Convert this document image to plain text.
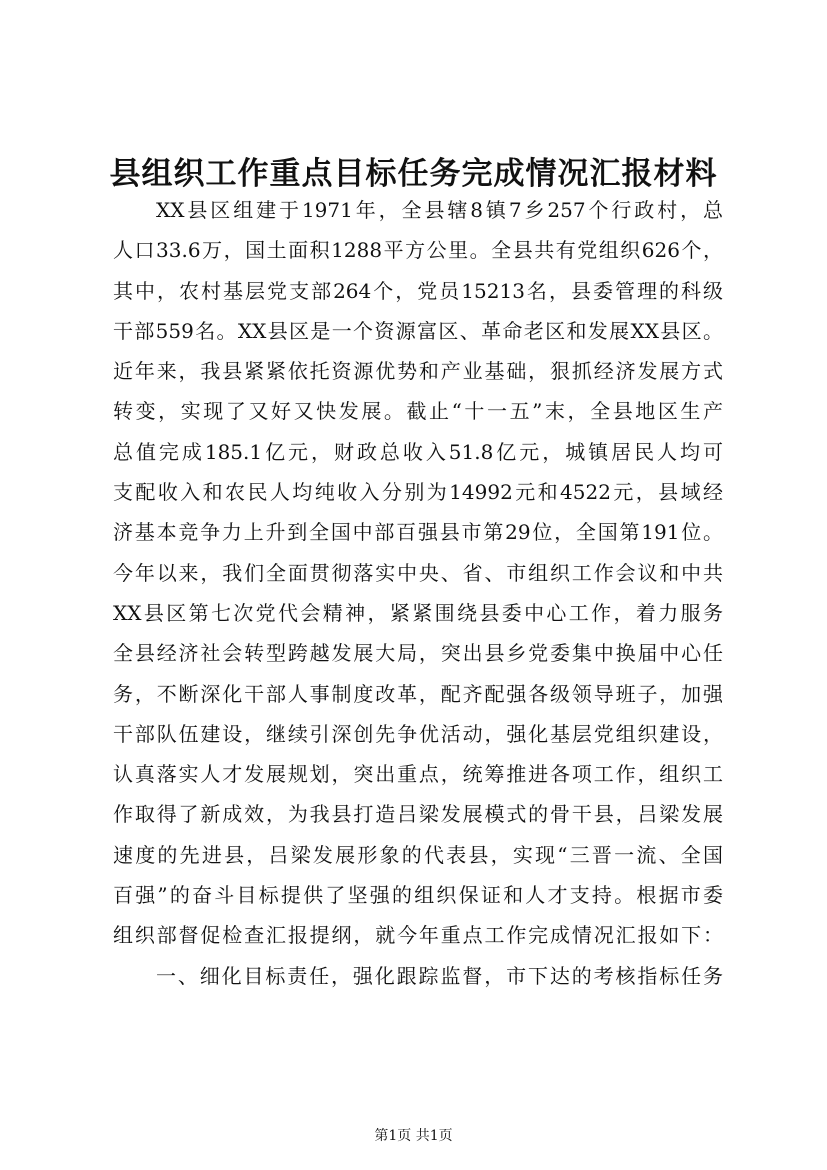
县组织工作重点目标任务完成情况汇报材料
XX县区组建于1971年，全县辖8镇7乡257个行政村，总
人口33.6万，国土面积1288平方公里。全县共有党组织626个，
其中，农村基层党支部264个，党员15213名，县委管理的科级
干部559名。XX县区是一个资源富区、革命老区和发展XX县区。
近年来，我县紧紧依托资源优势和产业基础，狠抓经济发展方式
转变，实现了又好又快发展。截止“十一五”末，全县地区生产
总值完成185.1亿元，财政总收入51.8亿元，城镇居民人均可
支配收入和农民人均纯收入分别为14992元和4522元，县域经
济基本竞争力上升到全国中部百强县市第29位，全国第191位。
今年以来，我们全面贯彻落实中央、省、市组织工作会议和中共
XX县区第七次党代会精神，紧紧围绕县委中心工作，着力服务
全县经济社会转型跨越发展大局，突出县乡党委集中换届中心任
务，不断深化干部人事制度改革，配齐配强各级领导班子，加强
干部队伍建设，继续引深创先争优活动，强化基层党组织建设，
认真落实人才发展规划，突出重点，统筹推进各项工作，组织工
作取得了新成效，为我县打造吕梁发展模式的骨干县，吕梁发展
速度的先进县，吕梁发展形象的代表县，实现“三晋一流、全国
百强”的奋斗目标提供了坚强的组织保证和人才支持。根据市委
组织部督促检查汇报提纲，就今年重点工作完成情况汇报如下：
一、细化目标责任，强化跟踪监督，市下达的考核指标任务
第1页 共1页
